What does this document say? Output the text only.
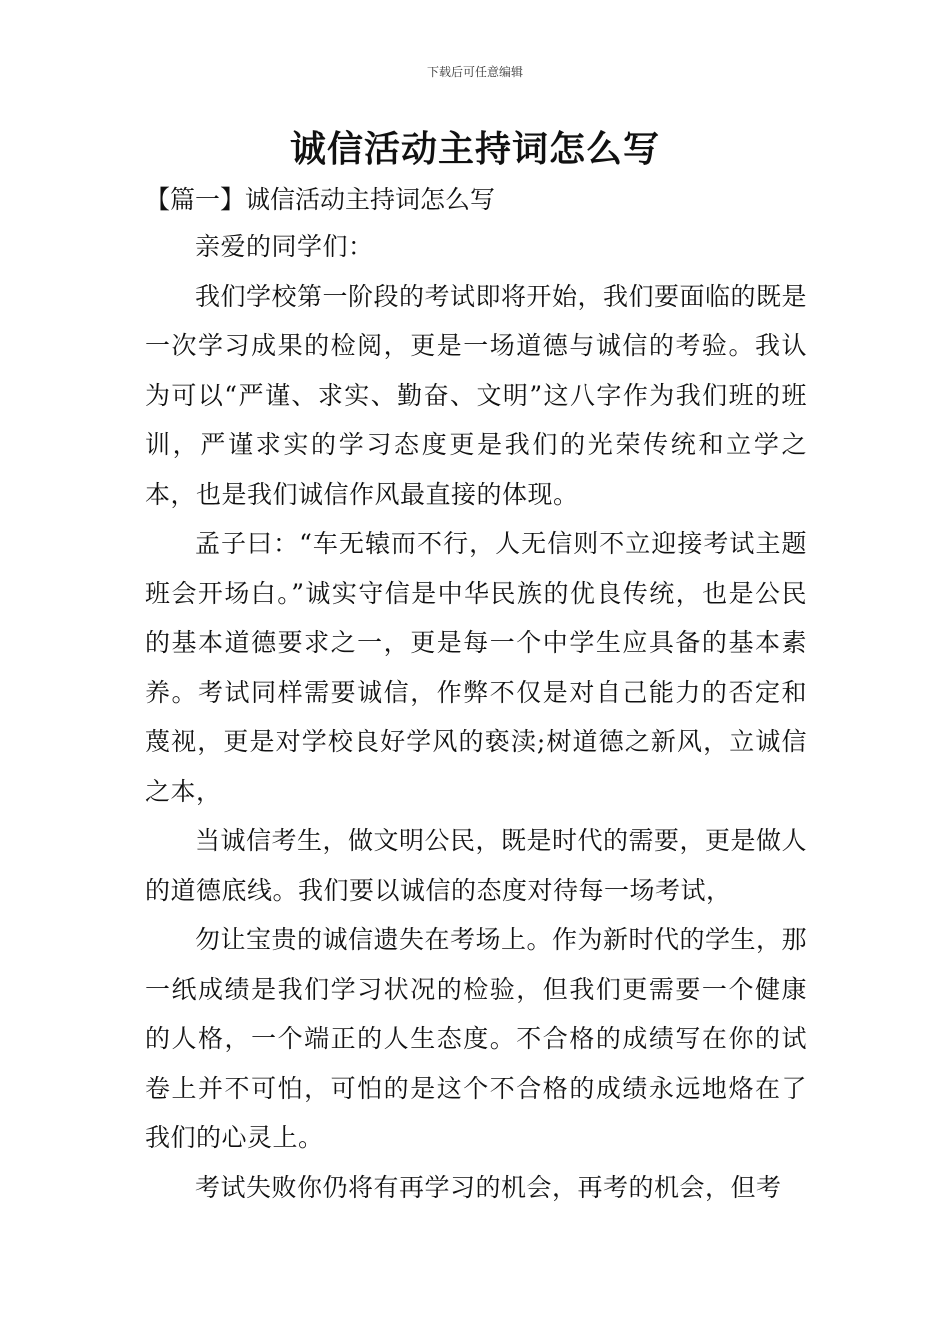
下载后可任意编辑
诚信活动主持词怎么写
【篇一】诚信活动主持词怎么写

亲爱的同学们：

我们学校第一阶段的考试即将开始，我们要面临的既是一次学习成果的检阅，更是一场道德与诚信的考验。我认为可以“严谨、求实、勤奋、文明”这八字作为我们班的班训，严谨求实的学习态度更是我们的光荣传统和立学之本，也是我们诚信作风最直接的体现。

孟子曰：“车无辕而不行，人无信则不立迎接考试主题班会开场白。”诚实守信是中华民族的优良传统，也是公民的基本道德要求之一，更是每一个中学生应具备的基本素养。考试同样需要诚信，作弊不仅是对自己能力的否定和蔑视，更是对学校良好学风的亵渎;树道德之新风，立诚信之本，

当诚信考生，做文明公民，既是时代的需要，更是做人的道德底线。我们要以诚信的态度对待每一场考试，

勿让宝贵的诚信遗失在考场上。作为新时代的学生，那一纸成绩是我们学习状况的检验，但我们更需要一个健康的人格，一个端正的人生态度。不合格的成绩写在你的试卷上并不可怕，可怕的是这个不合格的成绩永远地烙在了我们的心灵上。

考试失败你仍将有再学习的机会，再考的机会，但考
